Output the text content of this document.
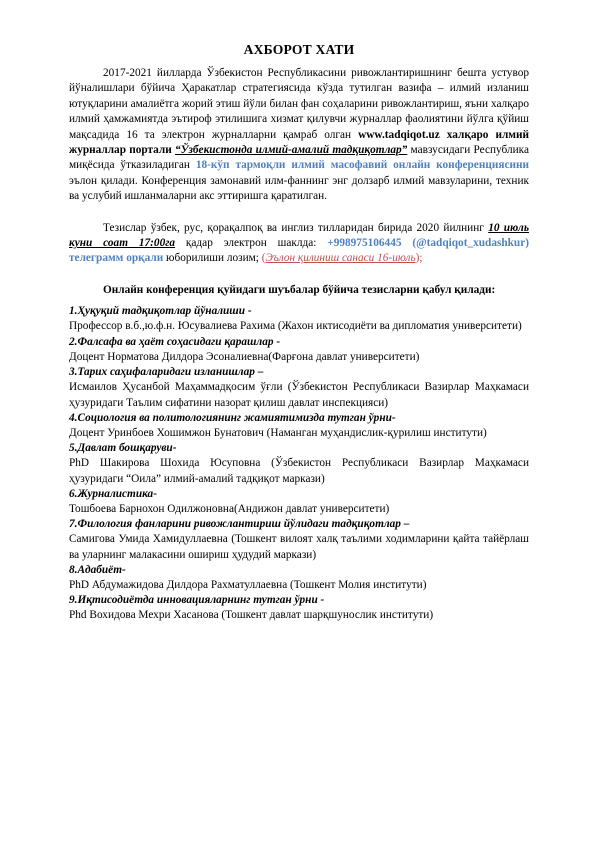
АХБОРОТ ХАТИ

2017-2021 йилларда Ўзбекистон Республикасини ривожлантиришнинг бешта устувор йўналишлари бўйича Ҳаракатлар стратегиясида кўзда тутилган вазифа – илмий изланиш ютуқларини амалиётга жорий этиш йўли билан фан соҳаларини ривожлантириш, яъни халқаро илмий ҳамжамиятда эътироф этилишига хизмат қилувчи журналлар фаолиятини йўлга қўйиш мақсадида 16 та электрон журналларни қамраб олган www.tadqiqot.uz халқаро илмий журналлар портали “Ўзбекистонда илмий-амалий тадқиқотлар” мавзусидаги Республика миқёсида ўтказиладиган 18-кўп тармоқли илмий масофавий онлайн конференциясини эълон қилади. Конференция замонавий илм-фаннинг энг долзарб илмий мавзуларини, техник ва услубий ишланмаларни акс эттиришга қаратилган.

Тезислар ўзбек, рус, қорақалпоқ ва инглиз тилларидан бирида 2020 йилнинг 10 июль куни соат 17:00га қадар электрон шаклда: +998975106445 (@tadqiqot_xudashkur) телеграмм орқали юборилиши лозим; (Эълон қилиниш санаси 16-июль);

Онлайн конференция қуйидаги шуъбалар бўйича тезисларни қабул қилади:

1.Ҳуқуқий тадқиқотлар йўналиши -
Профессор в.б.,ю.ф.н. Юсувалиева Рахима (Жахон иктисодиёти ва дипломатия университети)
2.Фалсафа ва ҳаёт соҳасидаги қарашлар -
Доцент Норматова Дилдора Эсоналиевна(Фарғона давлат университети)
3.Тарих саҳифаларидаги изланишлар –
Исмаилов Ҳусанбой Маҳаммадқосим ўғли (Ўзбекистон Республикаси Вазирлар Маҳкамаси ҳузуридаги Таълим сифатини назорат қилиш давлат инспекцияси)
4.Социология ва политологиянинг жамиятимизда тутган ўрни-
Доцент Уринбоев Хошимжон Бунатович (Наманган муҳандислик-қурилиш институти)
5.Давлат бошқаруви-
PhD Шакирова Шохида Юсуповна (Ўзбекистон Республикаси Вазирлар Маҳкамаси ҳузуридаги “Оила” илмий-амалий тадқиқот маркази)
6.Журналистика-
Тошбоева Барнохон Одилжоновна(Андижон давлат университети)
7.Филология фанларини ривожлантириш йўлидаги тадқиқотлар –
Самигова Умида Хамидуллаевна (Тошкент вилоят халқ таълими ходимларини қайта тайёрлаш ва уларнинг малакасини ошириш ҳудудий маркази)
8.Адабиёт-
PhD Абдумажидова Дилдора Рахматуллаевна (Тошкент Молия институти)
9.Иқтисодиётда инновацияларнинг тутган ўрни -
Phd Вохидова Мехри Хасанова (Тошкент давлат шарқшунослик институти)
